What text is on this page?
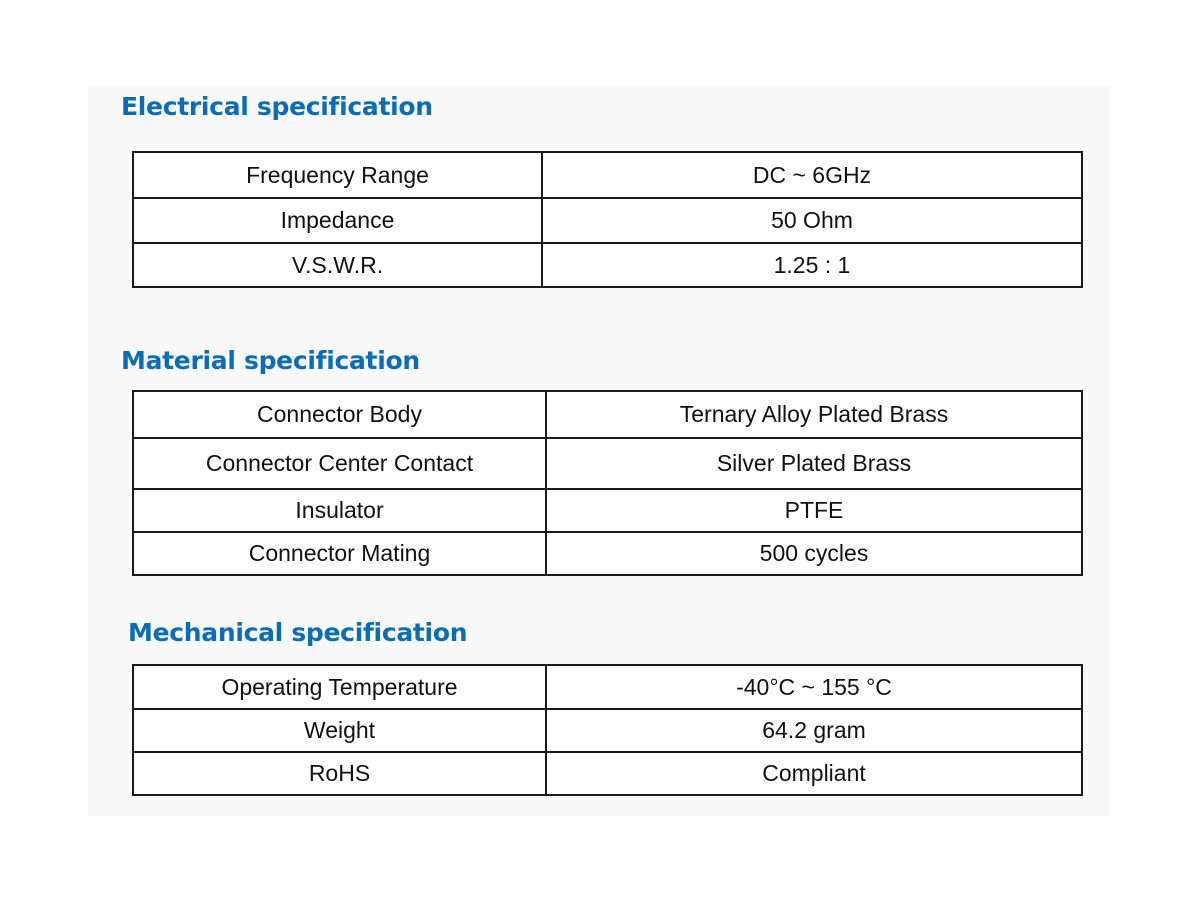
Electrical specification
Frequency Range	DC ~ 6GHz
Impedance	50 Ohm
V.S.W.R.	1.25 : 1
Material specification
Connector Body	Ternary Alloy Plated Brass
Connector Center Contact	Silver Plated Brass
Insulator	PTFE
Connector Mating	500 cycles
Mechanical specification
Operating Temperature	-40°C ~ 155 °C
Weight	64.2 gram
RoHS	Compliant
